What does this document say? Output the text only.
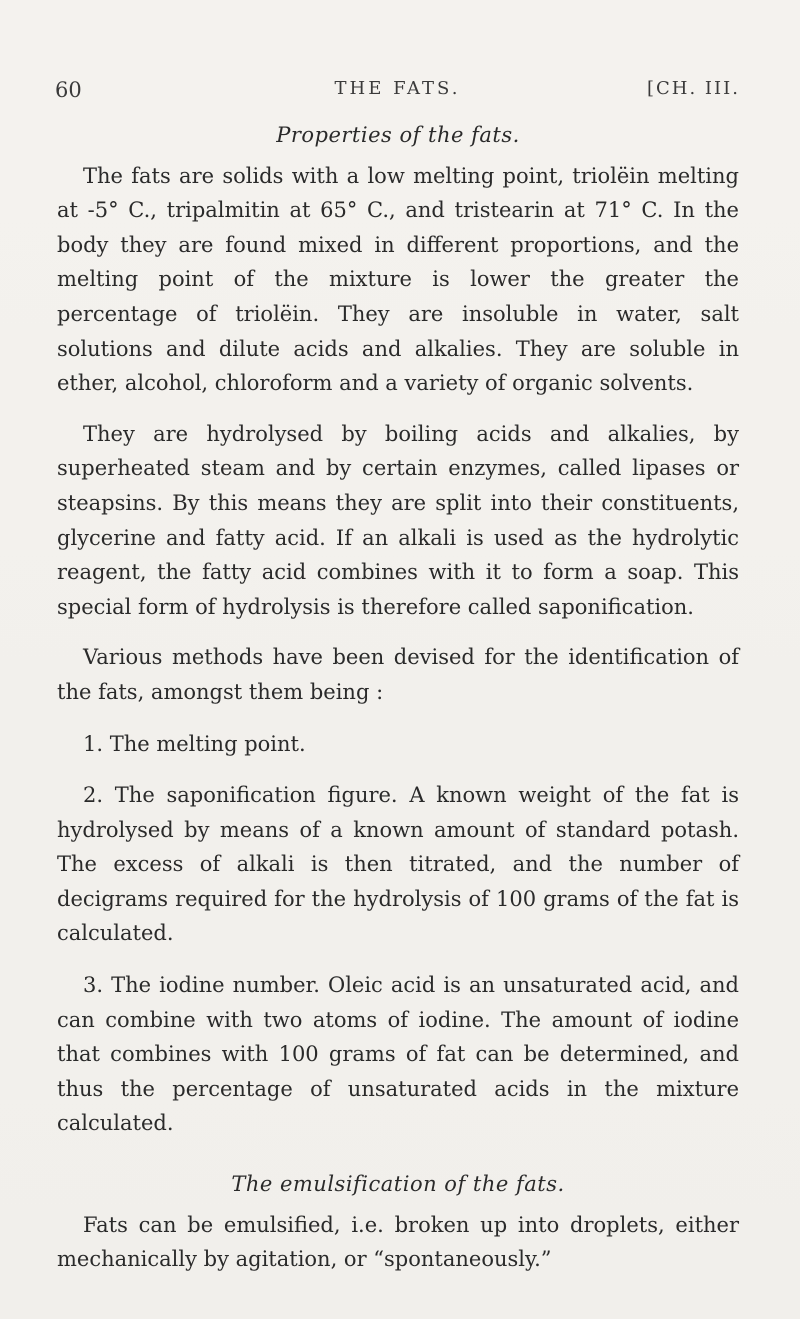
60	THE FATS.	[CH. III.
Properties of the fats.

The fats are solids with a low melting point, triolëin melting at -5° C., tripalmitin at 65° C., and tristearin at 71° C. In the body they are found mixed in different proportions, and the melting point of the mixture is lower the greater the percentage of triolëin. They are insoluble in water, salt solutions and dilute acids and alkalies. They are soluble in ether, alcohol, chloroform and a variety of organic solvents.

They are hydrolysed by boiling acids and alkalies, by superheated steam and by certain enzymes, called lipases or steapsins. By this means they are split into their constituents, glycerine and fatty acid. If an alkali is used as the hydrolytic reagent, the fatty acid combines with it to form a soap. This special form of hydrolysis is therefore called saponification.

Various methods have been devised for the identification of the fats, amongst them being :

1. The melting point.

2. The saponification figure. A known weight of the fat is hydrolysed by means of a known amount of standard potash. The excess of alkali is then titrated, and the number of decigrams required for the hydrolysis of 100 grams of the fat is calculated.

3. The iodine number. Oleic acid is an unsaturated acid, and can combine with two atoms of iodine. The amount of iodine that combines with 100 grams of fat can be determined, and thus the percentage of unsaturated acids in the mixture calculated.

The emulsification of the fats.

Fats can be emulsified, i.e. broken up into droplets, either mechanically by agitation, or “spontaneously.”
